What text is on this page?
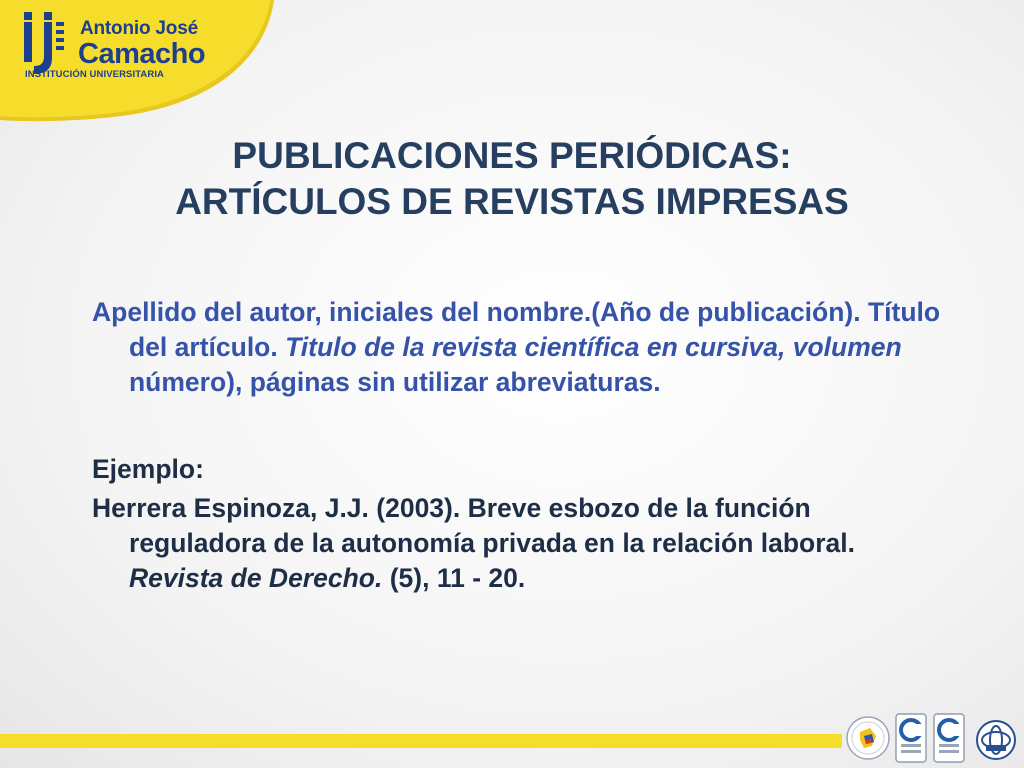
Antonio José
Camacho
INSTITUCIÓN UNIVERSITARIA
PUBLICACIONES PERIÓDICAS:
ARTÍCULOS DE REVISTAS IMPRESAS

Apellido del autor, iniciales del nombre.(Año de publicación). Título del artículo. Titulo de la revista científica en cursiva, volumen número), páginas sin utilizar abreviaturas.

Ejemplo:

Herrera Espinoza, J.J. (2003). Breve esbozo de la función reguladora de la autonomía privada en la relación laboral. Revista de Derecho. (5), 11 - 20.
